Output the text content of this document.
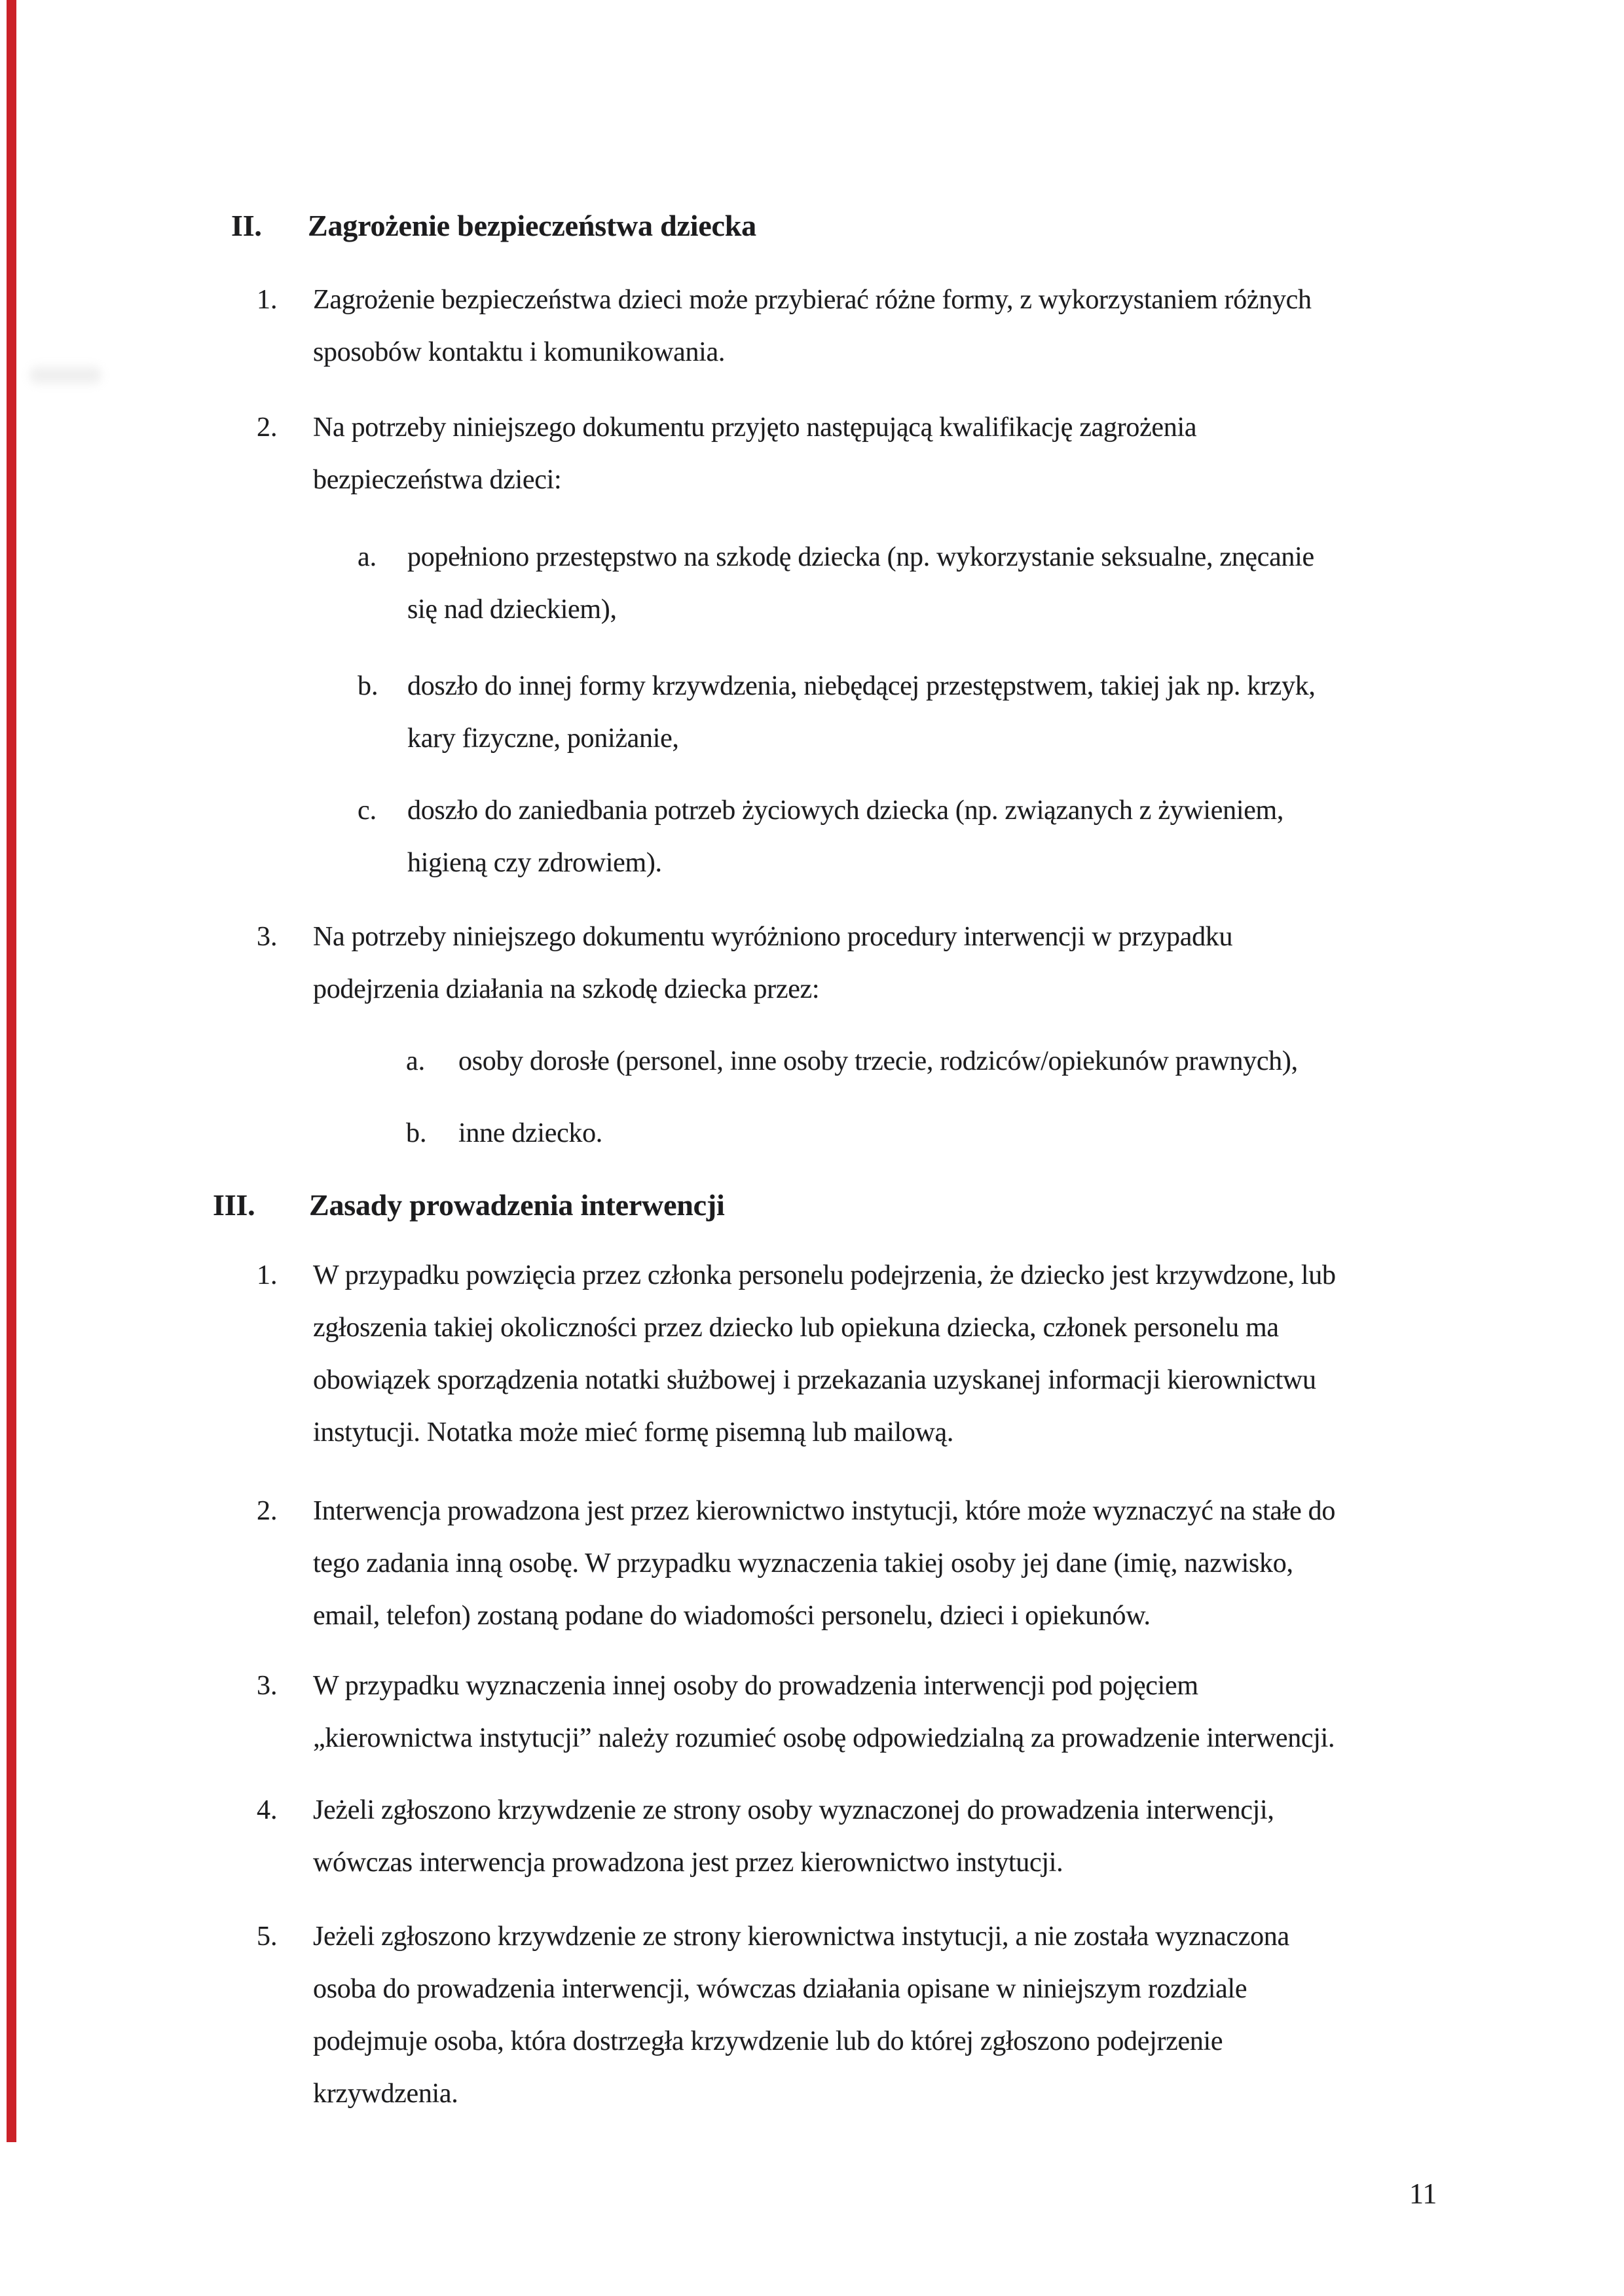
II. Zagrożenie bezpieczeństwa dziecka
1. Zagrożenie bezpieczeństwa dzieci może przybierać różne formy, z wykorzystaniem różnych
sposobów kontaktu i komunikowania.
2. Na potrzeby niniejszego dokumentu przyjęto następującą kwalifikację zagrożenia
bezpieczeństwa dzieci:
a. popełniono przestępstwo na szkodę dziecka (np. wykorzystanie seksualne, znęcanie
się nad dzieckiem),
b. doszło do innej formy krzywdzenia, niebędącej przestępstwem, takiej jak np. krzyk,
kary fizyczne, poniżanie,
c. doszło do zaniedbania potrzeb życiowych dziecka (np. związanych z żywieniem,
higieną czy zdrowiem).
3. Na potrzeby niniejszego dokumentu wyróżniono procedury interwencji w przypadku
podejrzenia działania na szkodę dziecka przez:
a. osoby dorosłe (personel, inne osoby trzecie, rodziców/opiekunów prawnych),
b. inne dziecko.
III. Zasady prowadzenia interwencji
1. W przypadku powzięcia przez członka personelu podejrzenia, że dziecko jest krzywdzone, lub
zgłoszenia takiej okoliczności przez dziecko lub opiekuna dziecka, członek personelu ma
obowiązek sporządzenia notatki służbowej i przekazania uzyskanej informacji kierownictwu
instytucji. Notatka może mieć formę pisemną lub mailową.
2. Interwencja prowadzona jest przez kierownictwo instytucji, które może wyznaczyć na stałe do
tego zadania inną osobę. W przypadku wyznaczenia takiej osoby jej dane (imię, nazwisko,
email, telefon) zostaną podane do wiadomości personelu, dzieci i opiekunów.
3. W przypadku wyznaczenia innej osoby do prowadzenia interwencji pod pojęciem
„kierownictwa instytucji” należy rozumieć osobę odpowiedzialną za prowadzenie interwencji.
4. Jeżeli zgłoszono krzywdzenie ze strony osoby wyznaczonej do prowadzenia interwencji,
wówczas interwencja prowadzona jest przez kierownictwo instytucji.
5. Jeżeli zgłoszono krzywdzenie ze strony kierownictwa instytucji, a nie została wyznaczona
osoba do prowadzenia interwencji, wówczas działania opisane w niniejszym rozdziale
podejmuje osoba, która dostrzegła krzywdzenie lub do której zgłoszono podejrzenie
krzywdzenia.
11
